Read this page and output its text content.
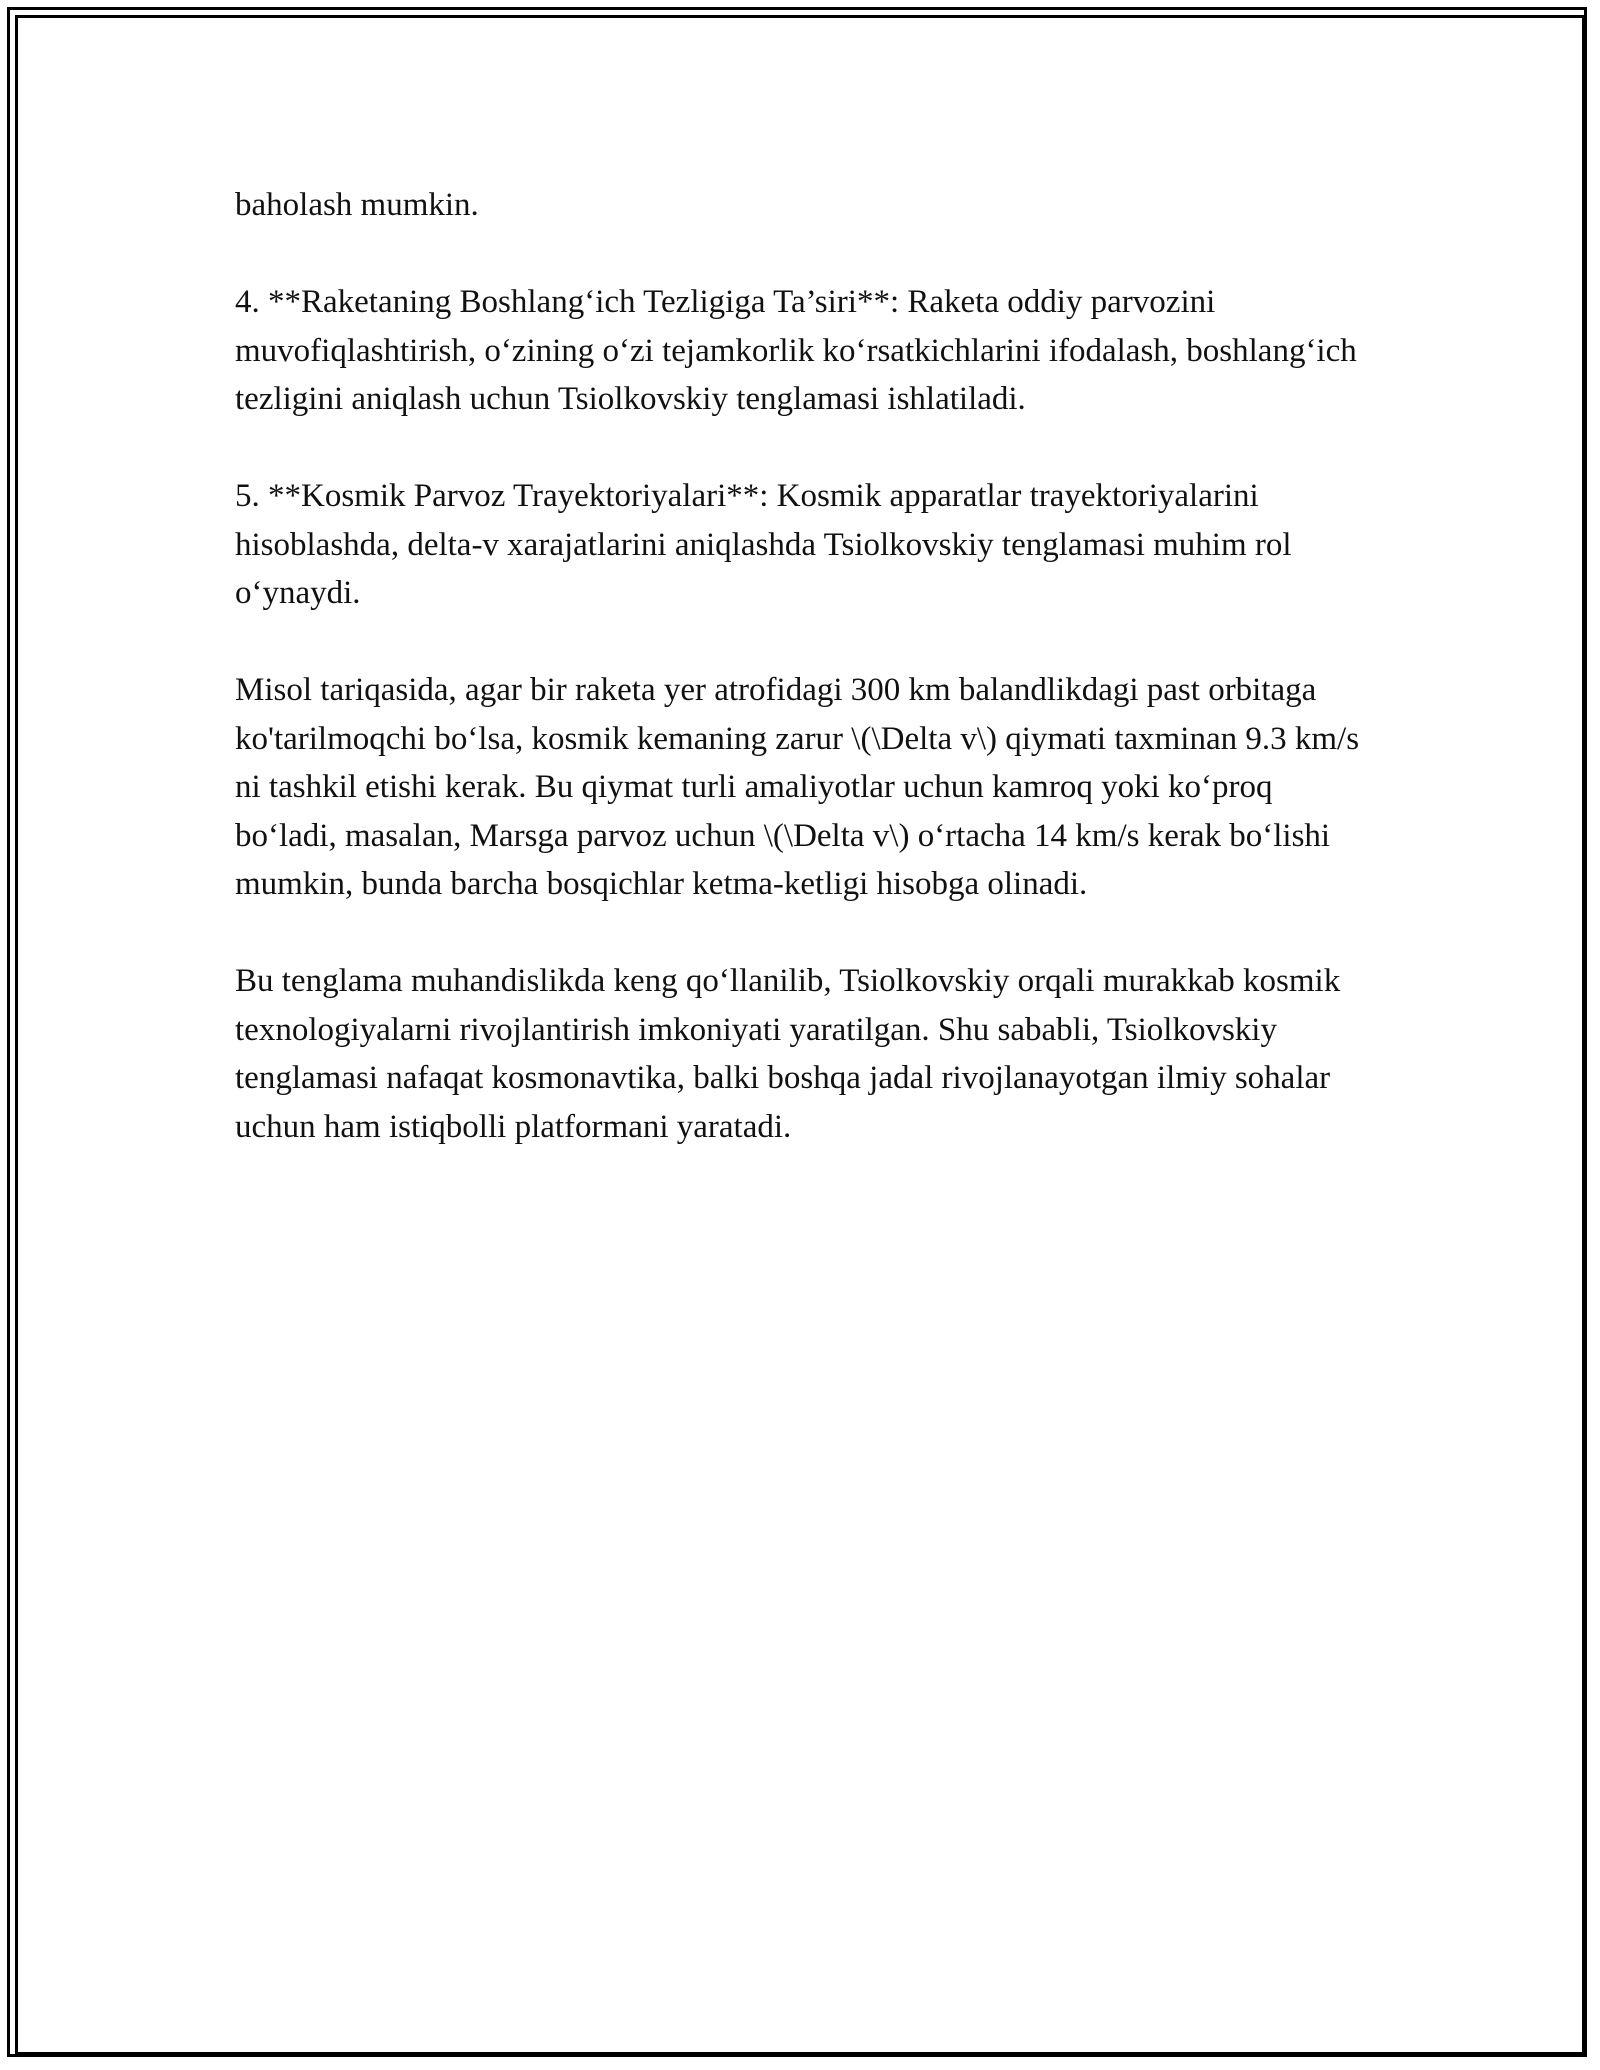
baholash mumkin.

4. **Raketaning Boshlang‘ich Tezligiga Ta’siri**: Raketa oddiy parvozini muvofiqlashtirish, o‘zining o‘zi tejamkorlik ko‘rsatkichlarini ifodalash, boshlang‘ich tezligini aniqlash uchun Tsiolkovskiy tenglamasi ishlatiladi.

5. **Kosmik Parvoz Trayektoriyalari**: Kosmik apparatlar trayektoriyalarini hisoblashda, delta-v xarajatlarini aniqlashda Tsiolkovskiy tenglamasi muhim rol o‘ynaydi.

Misol tariqasida, agar bir raketa yer atrofidagi 300 km balandlikdagi past orbitaga ko'tarilmoqchi bo‘lsa, kosmik kemaning zarur \(\Delta v\) qiymati taxminan 9.3 km/s ni tashkil etishi kerak. Bu qiymat turli amaliyotlar uchun kamroq yoki ko‘proq bo‘ladi, masalan, Marsga parvoz uchun \(\Delta v\) o‘rtacha 14 km/s kerak bo‘lishi mumkin, bunda barcha bosqichlar ketma-ketligi hisobga olinadi.

Bu tenglama muhandislikda keng qo‘llanilib, Tsiolkovskiy orqali murakkab kosmik texnologiyalarni rivojlantirish imkoniyati yaratilgan. Shu sababli, Tsiolkovskiy tenglamasi nafaqat kosmonavtika, balki boshqa jadal rivojlanayotgan ilmiy sohalar uchun ham istiqbolli platformani yaratadi.
